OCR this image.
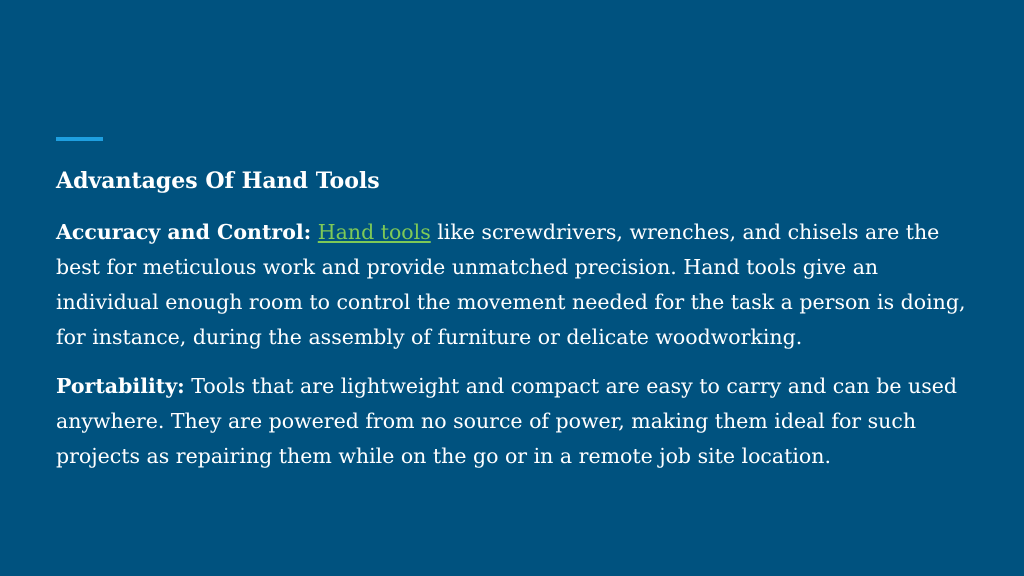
Advantages Of Hand Tools

Accuracy and Control: Hand tools like screwdrivers, wrenches, and chisels are the best for meticulous work and provide unmatched precision. Hand tools give an individual enough room to control the movement needed for the task a person is doing, for instance, during the assembly of furniture or delicate woodworking.

Portability: Tools that are lightweight and compact are easy to carry and can be used anywhere. They are powered from no source of power, making them ideal for such projects as repairing them while on the go or in a remote job site location.
